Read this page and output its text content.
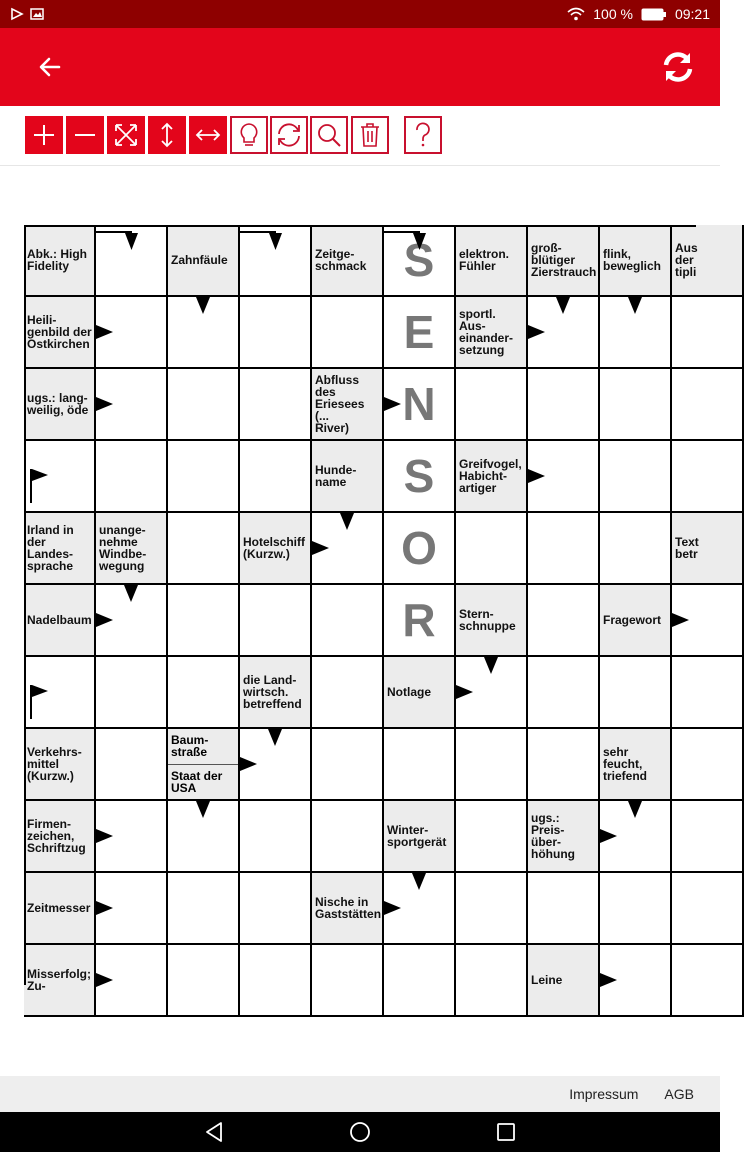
100 %	09:21
Abk.: High
Fidelity	Zahnfäule	Zeitge-
schmack S	elektron.
Fühler
groß-
blütiger
Zierstrauch
flink,
beweglich
Aus
der
tipli
Heili-
genbild der
Ostkirchen	E	sportl. Aus-
einander-
setzung
ugs.: lang-
weilig, öde
Abfluss des
Eriesees (...
River)	N
Hunde-
name	S	Greifvogel,
Habicht-
artiger
Irland in
der
Landes-
sprache
unange-
nehme
Windbe-
wegung
Hotelschiff
(Kurzw.)	O	Text
betr
Nadelbaum	R	Stern-
schnuppe	Fragewort
die Land-
wirtsch.
betreffend
Notlage
Verkehrs-
mittel
(Kurzw.)
Baum-
straße
Staat der
USA
sehr
feucht,
triefend
Firmen-
zeichen,
Schriftzug
Winter-
sportgerät
ugs.: Preis-
über-
höhung
Zeitmesser	Nische in
Gaststätten
Misserfolg;
Zu-	Leine
Impressum AGB
